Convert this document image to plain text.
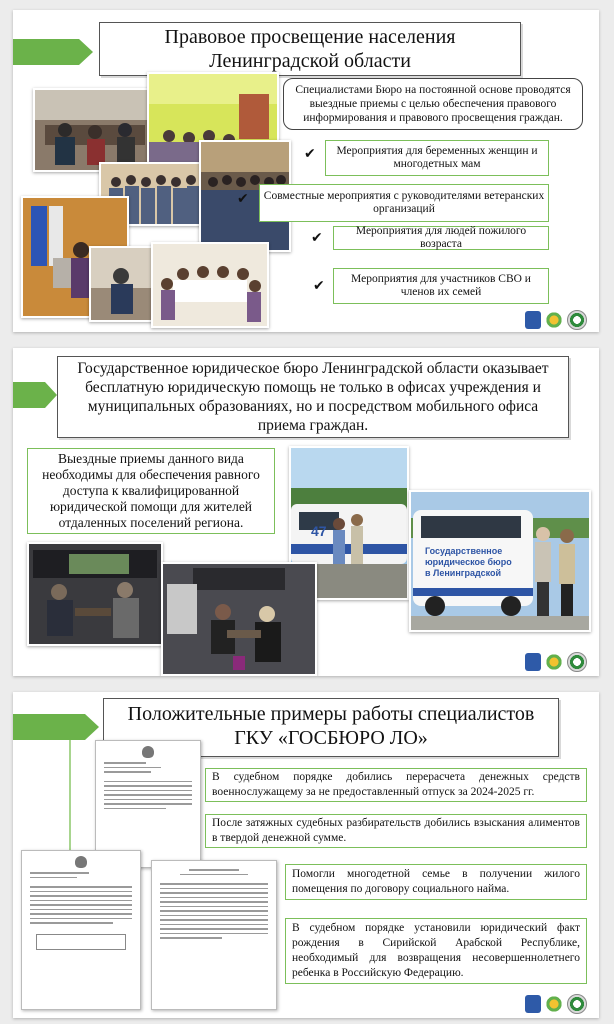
Правовое просвещение населения
Ленинградской области
Специалистами Бюро на постоянной основе проводятся выездные приемы с целью обеспечения правового информирования и правового просвещения граждан.
✔	Мероприятия для беременных женщин и многодетных мам
✔	Совместные мероприятия с руководителями ветеранских организаций
✔	Мероприятия для людей пожилого возраста
✔	Мероприятия для участников СВО и членов их семей
Государственное юридическое бюро Ленинградской области оказывает бесплатную юридическую помощь не только в офисах учреждения и муниципальных образованиях, но и посредством мобильного офиса приема граждан.
Выездные приемы данного вида необходимы для обеспечения равного доступа к квалифицированной юридической помощи для жителей отдаленных поселений региона.
47
Государственное
юридическое бюро
в Ленинградской
Положительные примеры работы специалистов
ГКУ «ГОСБЮРО ЛО»
В судебном порядке добились перерасчета денежных средств военнослужащему за не предоставленный отпуск за 2024-2025 гг.
После затяжных судебных разбирательств добились взыскания алиментов в твердой денежной сумме.
Помогли многодетной семье в получении жилого помещения по договору социального найма.
В судебном порядке установили юридический факт рождения в Сирийской Арабской Республике, необходимый для возвращения несовершеннолетнего ребенка в Российскую Федерацию.
